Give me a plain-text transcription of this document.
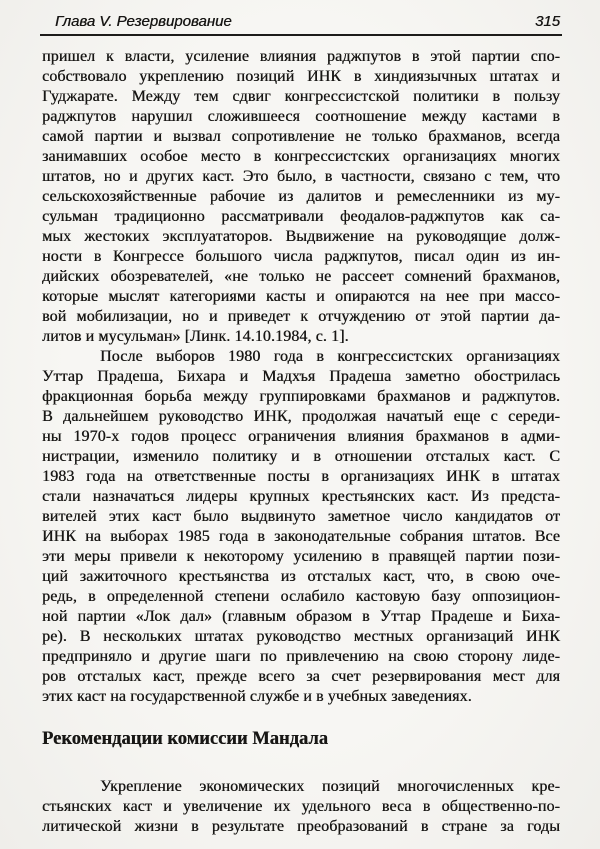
Глава V. Резервирование	315
пришел к власти, усиление влияния раджпутов в этой партии спо-
собствовало укреплению позиций ИНК в хиндиязычных штатах и
Гуджарате. Между тем сдвиг конгрессистской политики в пользу
раджпутов нарушил сложившееся соотношение между кастами в
самой партии и вызвал сопротивление не только брахманов, всегда
занимавших особое место в конгрессистских организациях многих
штатов, но и других каст. Это было, в частности, связано с тем, что
сельскохозяйственные рабочие из далитов и ремесленники из му-
сульман традиционно рассматривали феодалов-раджпутов как са-
мых жестоких эксплуататоров. Выдвижение на руководящие долж-
ности в Конгрессе большого числа раджпутов, писал один из ин-
дийских обозревателей, «не только не рассеет сомнений брахманов,
которые мыслят категориями касты и опираются на нее при массо-
вой мобилизации, но и приведет к отчуждению от этой партии да-
литов и мусульман» [Линк. 14.10.1984, с. 1].
После выборов 1980 года в конгрессистских организациях
Уттар Прадеша, Бихара и Мадхъя Прадеша заметно обострилась
фракционная борьба между группировками брахманов и раджпутов.
В дальнейшем руководство ИНК, продолжая начатый еще с середи-
ны 1970-х годов процесс ограничения влияния брахманов в адми-
нистрации, изменило политику и в отношении отсталых каст. С
1983 года на ответственные посты в организациях ИНК в штатах
стали назначаться лидеры крупных крестьянских каст. Из предста-
вителей этих каст было выдвинуто заметное число кандидатов от
ИНК на выборах 1985 года в законодательные собрания штатов. Все
эти меры привели к некоторому усилению в правящей партии пози-
ций зажиточного крестьянства из отсталых каст, что, в свою оче-
редь, в определенной степени ослабило кастовую базу оппозицион-
ной партии «Лок дал» (главным образом в Уттар Прадеше и Биха-
ре). В нескольких штатах руководство местных организаций ИНК
предприняло и другие шаги по привлечению на свою сторону лиде-
ров отсталых каст, прежде всего за счет резервирования мест для
этих каст на государственной службе и в учебных заведениях.
Рекомендации комиссии Мандала
Укрепление экономических позиций многочисленных кре-
стьянских каст и увеличение их удельного веса в общественно-по-
литической жизни в результате преобразований в стране за годы
